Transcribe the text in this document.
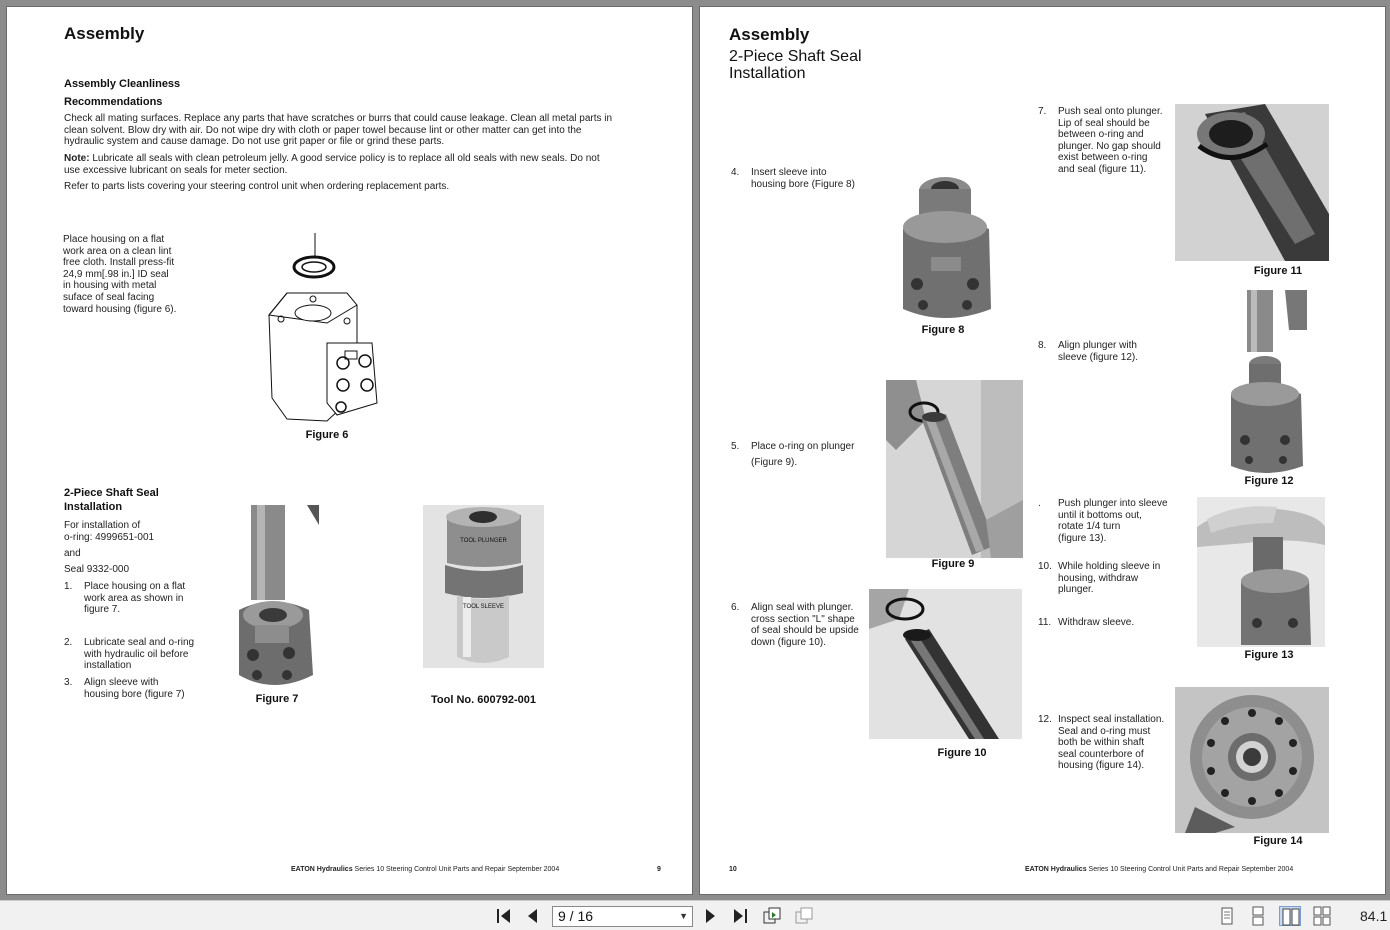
Assembly
Assembly Cleanliness
Recommendations
Check all mating surfaces. Replace any parts that have scratches or burrs that could cause leakage. Clean all metal parts in
clean solvent. Blow dry with air. Do not wipe dry with cloth or paper towel because lint or other matter can get into the
hydraulic system and cause damage. Do not use grit paper or file or grind these parts.
Note: Lubricate all seals with clean petroleum jelly. A good service policy is to replace all old seals with new seals. Do not
use excessive lubricant on seals for meter section.
Refer to parts lists covering your steering control unit when ordering replacement parts.
Place housing on a flat
work area on a clean lint
free cloth. Install press-fit
24,9 mm[.98 in.] ID seal
in housing with metal
suface of seal facing
toward housing (figure 6).
Figure 6
2-Piece Shaft Seal
Installation
For installation of
o-ring: 4999651-001
and
Seal 9332-000
1. Place housing on a flat
work area as shown in
figure 7.
2. Lubricate seal and o-ring
with hydraulic oil before
installation
3. Align sleeve with
housing bore (figure 7)	Figure 7
TOOL PLUNGER
TOOL SLEEVE
Tool No. 600792-001
EATON Hydraulics Series 10 Steering Control Unit Parts and Repair September 2004	9
Assembly
2-Piece Shaft Seal
Installation
4. Insert sleeve into
housing bore (Figure 8)
Figure 8
5. Place o-ring on plunger
(Figure 9).
Figure 9
6. Align seal with plunger.
cross section "L" shape
of seal should be upside
down (figure 10).
Figure 10
7. Push seal onto plunger.
Lip of seal should be
between o-ring and
plunger. No gap should
exist between o-ring
and seal (figure 11).
Figure 11
8. Align plunger with
sleeve (figure 12).
Figure 12
. Push plunger into sleeve
until it bottoms out,
rotate 1/4 turn
(figure 13).
10. While holding sleeve in
housing, withdraw
plunger.
11. Withdraw sleeve.
Figure 13
12. Inspect seal installation.
Seal and o-ring must
both be within shaft
seal counterbore of
housing (figure 14).
Figure 14
10	EATON Hydraulics Series 10 Steering Control Unit Parts and Repair September 2004
9 / 16	▼	84.1
